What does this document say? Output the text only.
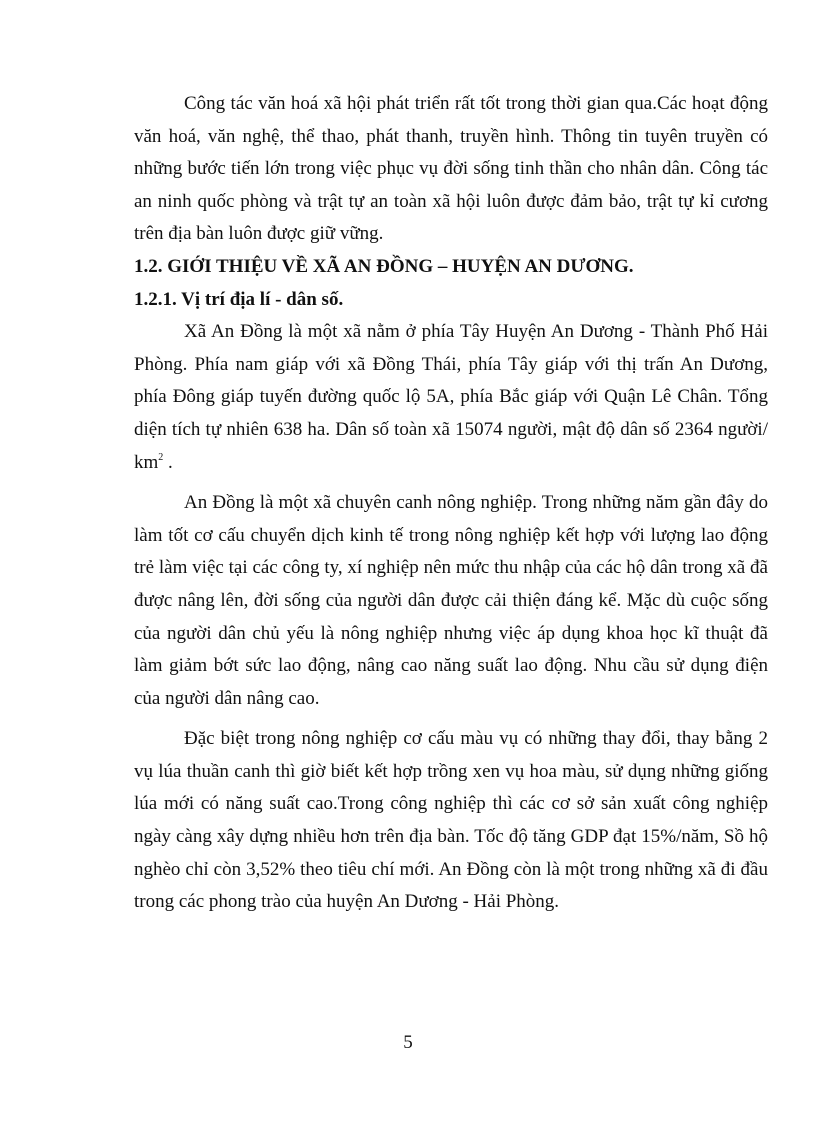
Công tác văn hoá xã hội phát triển rất tốt trong thời gian qua.Các hoạt động văn hoá, văn nghệ, thể thao, phát thanh, truyền hình. Thông tin tuyên truyền có những bước tiến lớn trong việc phục vụ đời sống tinh thần cho nhân dân. Công tác an ninh quốc phòng và trật tự an toàn xã hội luôn được đảm bảo, trật tự kỉ cương trên địa bàn luôn được giữ vững.

1.2. GIỚI THIỆU VỀ XÃ AN ĐỒNG – HUYỆN AN DƯƠNG.
1.2.1. Vị trí địa lí - dân số.

Xã An Đồng là một xã nằm ở phía Tây Huyện An Dương - Thành Phố Hải Phòng. Phía nam giáp với xã Đồng Thái, phía Tây giáp với thị trấn An Dương, phía Đông giáp tuyến đường quốc lộ 5A, phía Bắc giáp với Quận Lê Chân. Tổng diện tích tự nhiên 638 ha. Dân số toàn xã 15074 người, mật độ dân số 2364 người/ $km^2$ .

An Đồng là một xã chuyên canh nông nghiệp. Trong những năm gần đây do làm tốt cơ cấu chuyển dịch kinh tế trong nông nghiệp kết hợp với lượng lao động trẻ làm việc tại các công ty, xí nghiệp nên mức thu nhập của các hộ dân trong xã đã được nâng lên, đời sống của người dân được cải thiện đáng kể. Mặc dù cuộc sống của người dân chủ yếu là nông nghiệp nhưng việc áp dụng khoa học kĩ thuật đã làm giảm bớt sức lao động, nâng cao năng suất lao động. Nhu cầu sử dụng điện của người dân nâng cao.

Đặc biệt trong nông nghiệp cơ cấu màu vụ có những thay đổi, thay bằng 2 vụ lúa thuần canh thì giờ biết kết hợp trồng xen vụ hoa màu, sử dụng những giống lúa mới có năng suất cao.Trong công nghiệp thì các cơ sở sản xuất công nghiệp ngày càng xây dựng nhiều hơn trên địa bàn. Tốc độ tăng GDP đạt 15%/năm, Sồ hộ nghèo chỉ còn 3,52% theo tiêu chí mới. An Đồng còn là một trong những xã đi đầu trong các phong trào của huyện An Dương - Hải Phòng.

5
